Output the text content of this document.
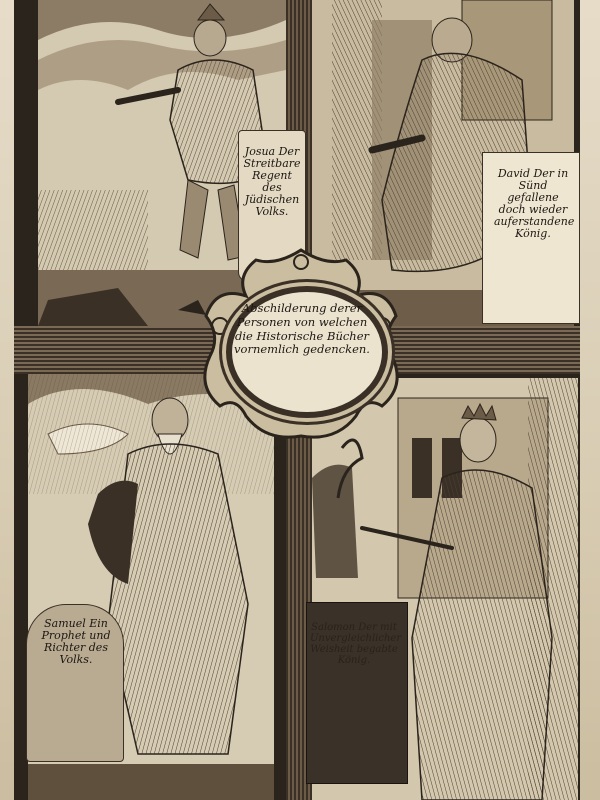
Josua Der Streitbare Regent des Jüdischen Volks.
David Der in Sünd gefallene doch wieder auferstandene König.
Samuel Ein Prophet und Richter des Volks.
Salomon Der mit Unvergleichlicher Weisheit begabte König.
Abschilderung derer Personen von welchen die Historische Bücher vornemlich gedencken.
